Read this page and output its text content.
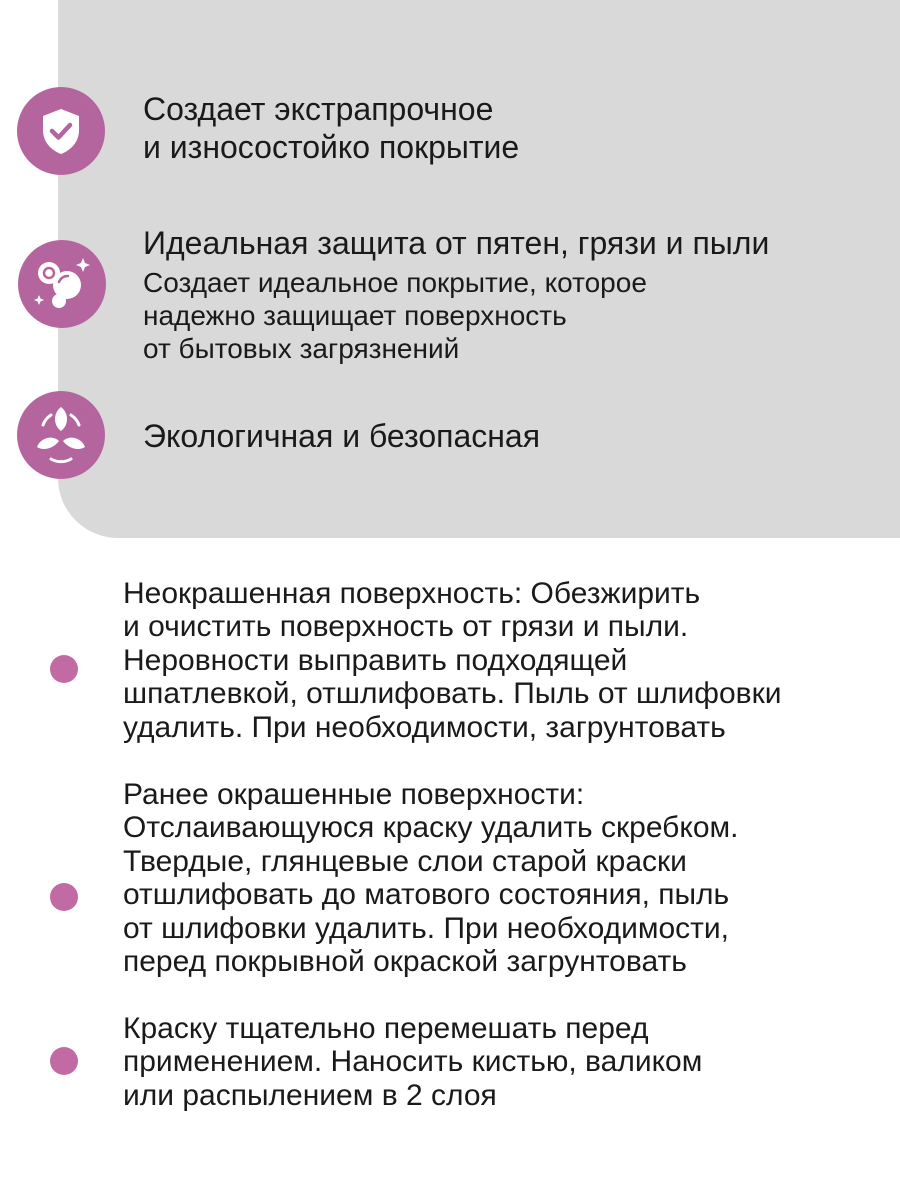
Создает экстрапрочное
и износостойко покрытие
Идеальная защита от пятен, грязи и пыли
Создает идеальное покрытие, которое
надежно защищает поверхность
от бытовых загрязнений
Экологичная и безопасная

Неокрашенная поверхность: Обезжирить
и очистить поверхность от грязи и пыли.
Неровности выправить подходящей
шпатлевкой, отшлифовать. Пыль от шлифовки
удалить. При необходимости, загрунтовать

Ранее окрашенные поверхности:
Отслаивающуюся краску удалить скребком.
Твердые, глянцевые слои старой краски
отшлифовать до матового состояния, пыль
от шлифовки удалить. При необходимости,
перед покрывной окраской загрунтовать

Краску тщательно перемешать перед
применением. Наносить кистью, валиком
или распылением в 2 слоя
